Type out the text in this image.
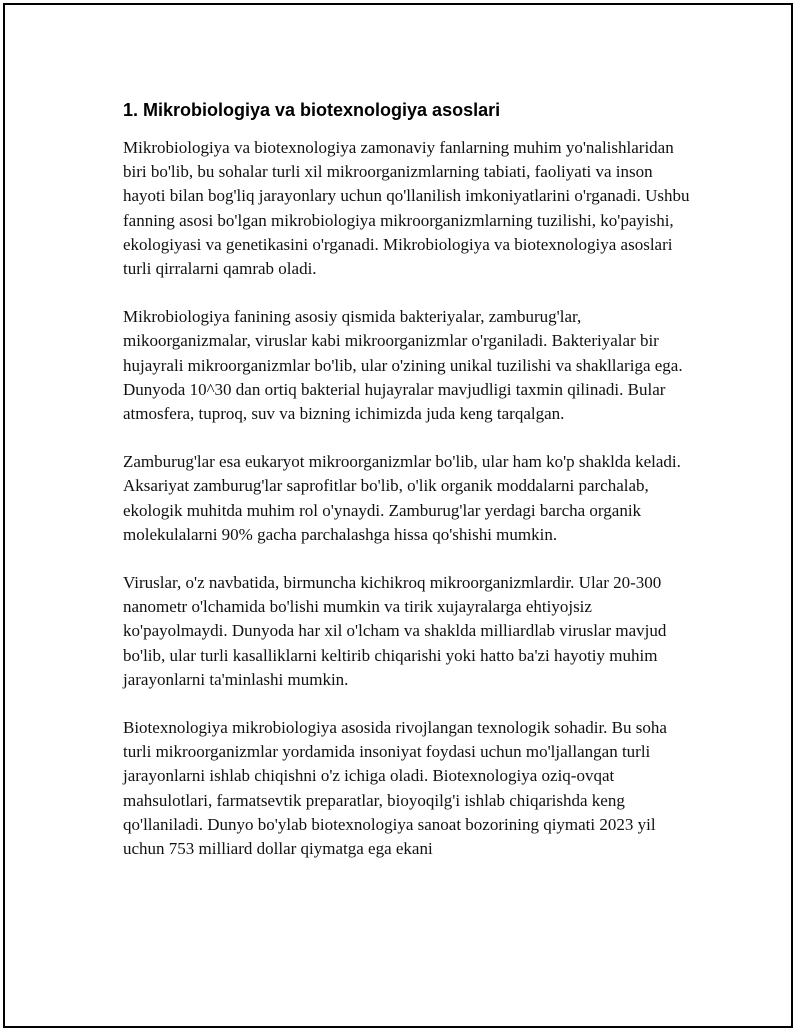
1. Mikrobiologiya va biotexnologiya asoslari

Mikrobiologiya va biotexnologiya zamonaviy fanlarning muhim yo'nalishlaridan biri bo'lib, bu sohalar turli xil mikroorganizmlarning tabiati, faoliyati va inson hayoti bilan bog'liq jarayonlary uchun qo'llanilish imkoniyatlarini o'rganadi. Ushbu fanning asosi bo'lgan mikrobiologiya mikroorganizmlarning tuzilishi, ko'payishi, ekologiyasi va genetikasini o'rganadi. Mikrobiologiya va biotexnologiya asoslari turli qirralarni qamrab oladi.

Mikrobiologiya fanining asosiy qismida bakteriyalar, zamburug'lar, mikoorganizmalar, viruslar kabi mikroorganizmlar o'rganiladi. Bakteriyalar bir hujayrali mikroorganizmlar bo'lib, ular o'zining unikal tuzilishi va shakllariga ega. Dunyoda 10^30 dan ortiq bakterial hujayralar mavjudligi taxmin qilinadi. Bular atmosfera, tuproq, suv va bizning ichimizda juda keng tarqalgan.

Zamburug'lar esa eukaryot mikroorganizmlar bo'lib, ular ham ko'p shaklda keladi. Aksariyat zamburug'lar saprofitlar bo'lib, o'lik organik moddalarni parchalab, ekologik muhitda muhim rol o'ynaydi. Zamburug'lar yerdagi barcha organik molekulalarni 90% gacha parchalashga hissa qo'shishi mumkin.

Viruslar, o'z navbatida, birmuncha kichikroq mikroorganizmlardir. Ular 20-300 nanometr o'lchamida bo'lishi mumkin va tirik xujayralarga ehtiyojsiz ko'payolmaydi. Dunyoda har xil o'lcham va shaklda milliardlab viruslar mavjud bo'lib, ular turli kasalliklarni keltirib chiqarishi yoki hatto ba'zi hayotiy muhim jarayonlarni ta'minlashi mumkin.

Biotexnologiya mikrobiologiya asosida rivojlangan texnologik sohadir. Bu soha turli mikroorganizmlar yordamida insoniyat foydasi uchun mo'ljallangan turli jarayonlarni ishlab chiqishni o'z ichiga oladi. Biotexnologiya oziq-ovqat mahsulotlari, farmatsevtik preparatlar, bioyoqilg'i ishlab chiqarishda keng qo'llaniladi. Dunyo bo'ylab biotexnologiya sanoat bozorining qiymati 2023 yil uchun 753 milliard dollar qiymatga ega ekani
